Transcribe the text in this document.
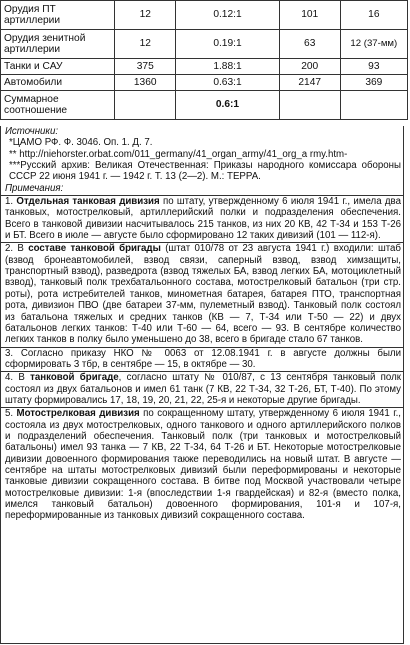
Орудия ПТ артиллерии	12	0.12:1	101	16
Орудия зенитной артиллерии	12	0.19:1	63	12 (37-мм)
Танки и САУ	375	1.88:1	200	93
Автомобили	1360	0.63:1	2147	369
Суммарное соотношение		0.6:1		

Источники:

*ЦАМО РФ. Ф. 3046. Оп. 1. Д. 7.

** http://niehorster.orbat.com/011_germany/41_organ_army/41_org_a rmy.htm-

***Русский архив: Великая Отечественная: Приказы народного комиссара обороны СССР 22 июня 1941 г. — 1942 г. Т. 13 (2—2). М.: ТЕРРА.

Примечания:

1. Отдельная танковая дивизия по штату, утвержденному 6 июля 1941 г., имела два танковых, мотострелковый, артиллерийский полки и подразделения обеспечения. Всего в танковой дивизии насчитывалось 215 танков, из них 20 КВ, 42 Т-34 и 153 Т-26 и БТ. Всего в июле — августе было сформировано 12 таких дивизий (101 — 112-я).

2. В составе танковой бригады (штат 010/78 от 23 августа 1941 г.) входили: штаб (взвод бронеавтомобилей, взвод связи, саперный взвод, взвод химзащиты, транспортный взвод), разведрота (взвод тяжелых БА, взвод легких БА, мотоциклетный взвод), танковый полк трехбатальонного состава, мотострелковый батальон (три стр. роты), рота истребителей танков, минометная батарея, батарея ПТО, транспортная рота, дивизион ПВО (две батареи 37-мм, пулеметный взвод). Танковый полк состоял из батальона тяжелых и средних танков (КВ — 7, Т-34 или Т-50 — 22) и двух батальонов легких танков: Т-40 или Т-60 — 64, всего — 93. В сентябре количество легких танков в полку было уменьшено до 38, всего в бригаде стало 67 танков.

3. Согласно приказу НКО № 0063 от 12.08.1941 г. в августе должны были сформировать 3 тбр, в сентябре — 15, в октябре — 30.

4. В танковой бригаде, согласно штату № 010/87, с 13 сентября танковый полк состоял из двух батальонов и имел 61 танк (7 КВ, 22 Т-34, 32 Т-26, БТ, Т-40). По этому штату формировались 17, 18, 19, 20, 21, 22, 25-я и некоторые другие бригады.

5. Мотострелковая дивизия по сокращенному штату, утвержденному 6 июля 1941 г., состояла из двух мотострелковых, одного танкового и одного артиллерийского полков и подразделений обеспечения. Танковый полк (три танковых и мотострелковый батальоны) имел 93 танка — 7 КВ, 22 Т-34, 64 Т-26 и БТ. Некоторые мотострелковые дивизии довоенного формирования также переводились на новый штат. В августе — сентябре на штаты мотострелковых дивизий были переформированы и некоторые танковые дивизии сокращенного состава. В битве под Москвой участвовали четыре мотострелковые дивизии: 1-я (впоследствии 1-я гвардейская) и 82-я (вместо полка, имелся танковый батальон) довоенного формирования, 101-я и 107-я, переформированные из танковых дивизий сокращенного состава.
